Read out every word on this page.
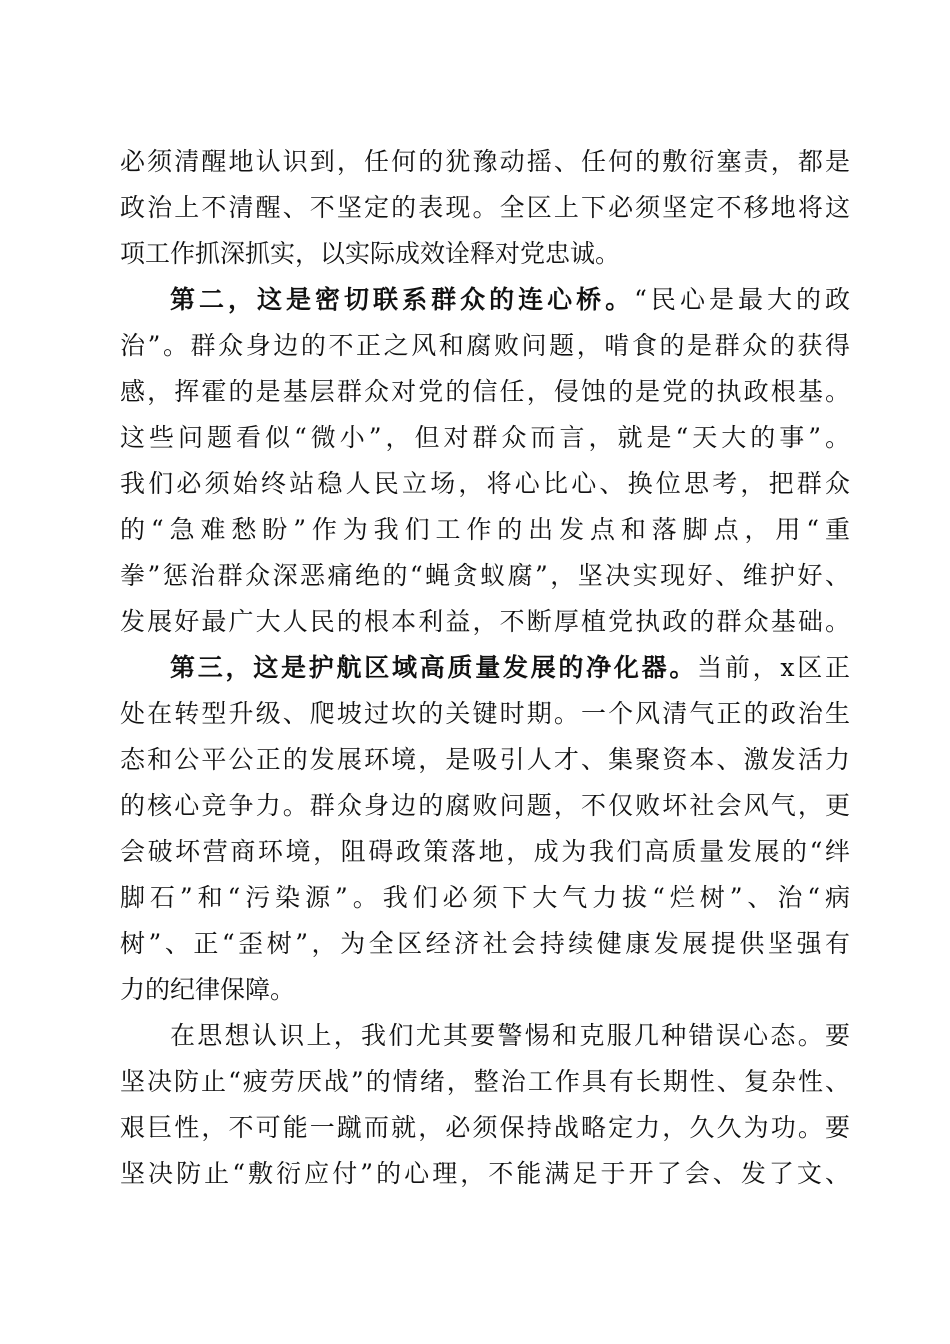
必须清醒地认识到，任何的犹豫动摇、任何的敷衍塞责，都是

政治上不清醒、不坚定的表现。全区上下必须坚定不移地将这

项工作抓深抓实，以实际成效诠释对党忠诚。

第二，这是密切联系群众的连心桥。“民心是最大的政

治”。群众身边的不正之风和腐败问题，啃食的是群众的获得

感，挥霍的是基层群众对党的信任，侵蚀的是党的执政根基。

这些问题看似“微小”，但对群众而言，就是“天大的事”。

我们必须始终站稳人民立场，将心比心、换位思考，把群众

的“急难愁盼”作为我们工作的出发点和落脚点，用“重

拳”惩治群众深恶痛绝的“蝇贪蚁腐”，坚决实现好、维护好、

发展好最广大人民的根本利益，不断厚植党执政的群众基础。

第三，这是护航区域高质量发展的净化器。当前，x区正

处在转型升级、爬坡过坎的关键时期。一个风清气正的政治生

态和公平公正的发展环境，是吸引人才、集聚资本、激发活力

的核心竞争力。群众身边的腐败问题，不仅败坏社会风气，更

会破坏营商环境，阻碍政策落地，成为我们高质量发展的“绊

脚石”和“污染源”。我们必须下大气力拔“烂树”、治“病

树”、正“歪树”，为全区经济社会持续健康发展提供坚强有

力的纪律保障。

在思想认识上，我们尤其要警惕和克服几种错误心态。要

坚决防止“疲劳厌战”的情绪，整治工作具有长期性、复杂性、

艰巨性，不可能一蹴而就，必须保持战略定力，久久为功。要

坚决防止“敷衍应付”的心理，不能满足于开了会、发了文、
